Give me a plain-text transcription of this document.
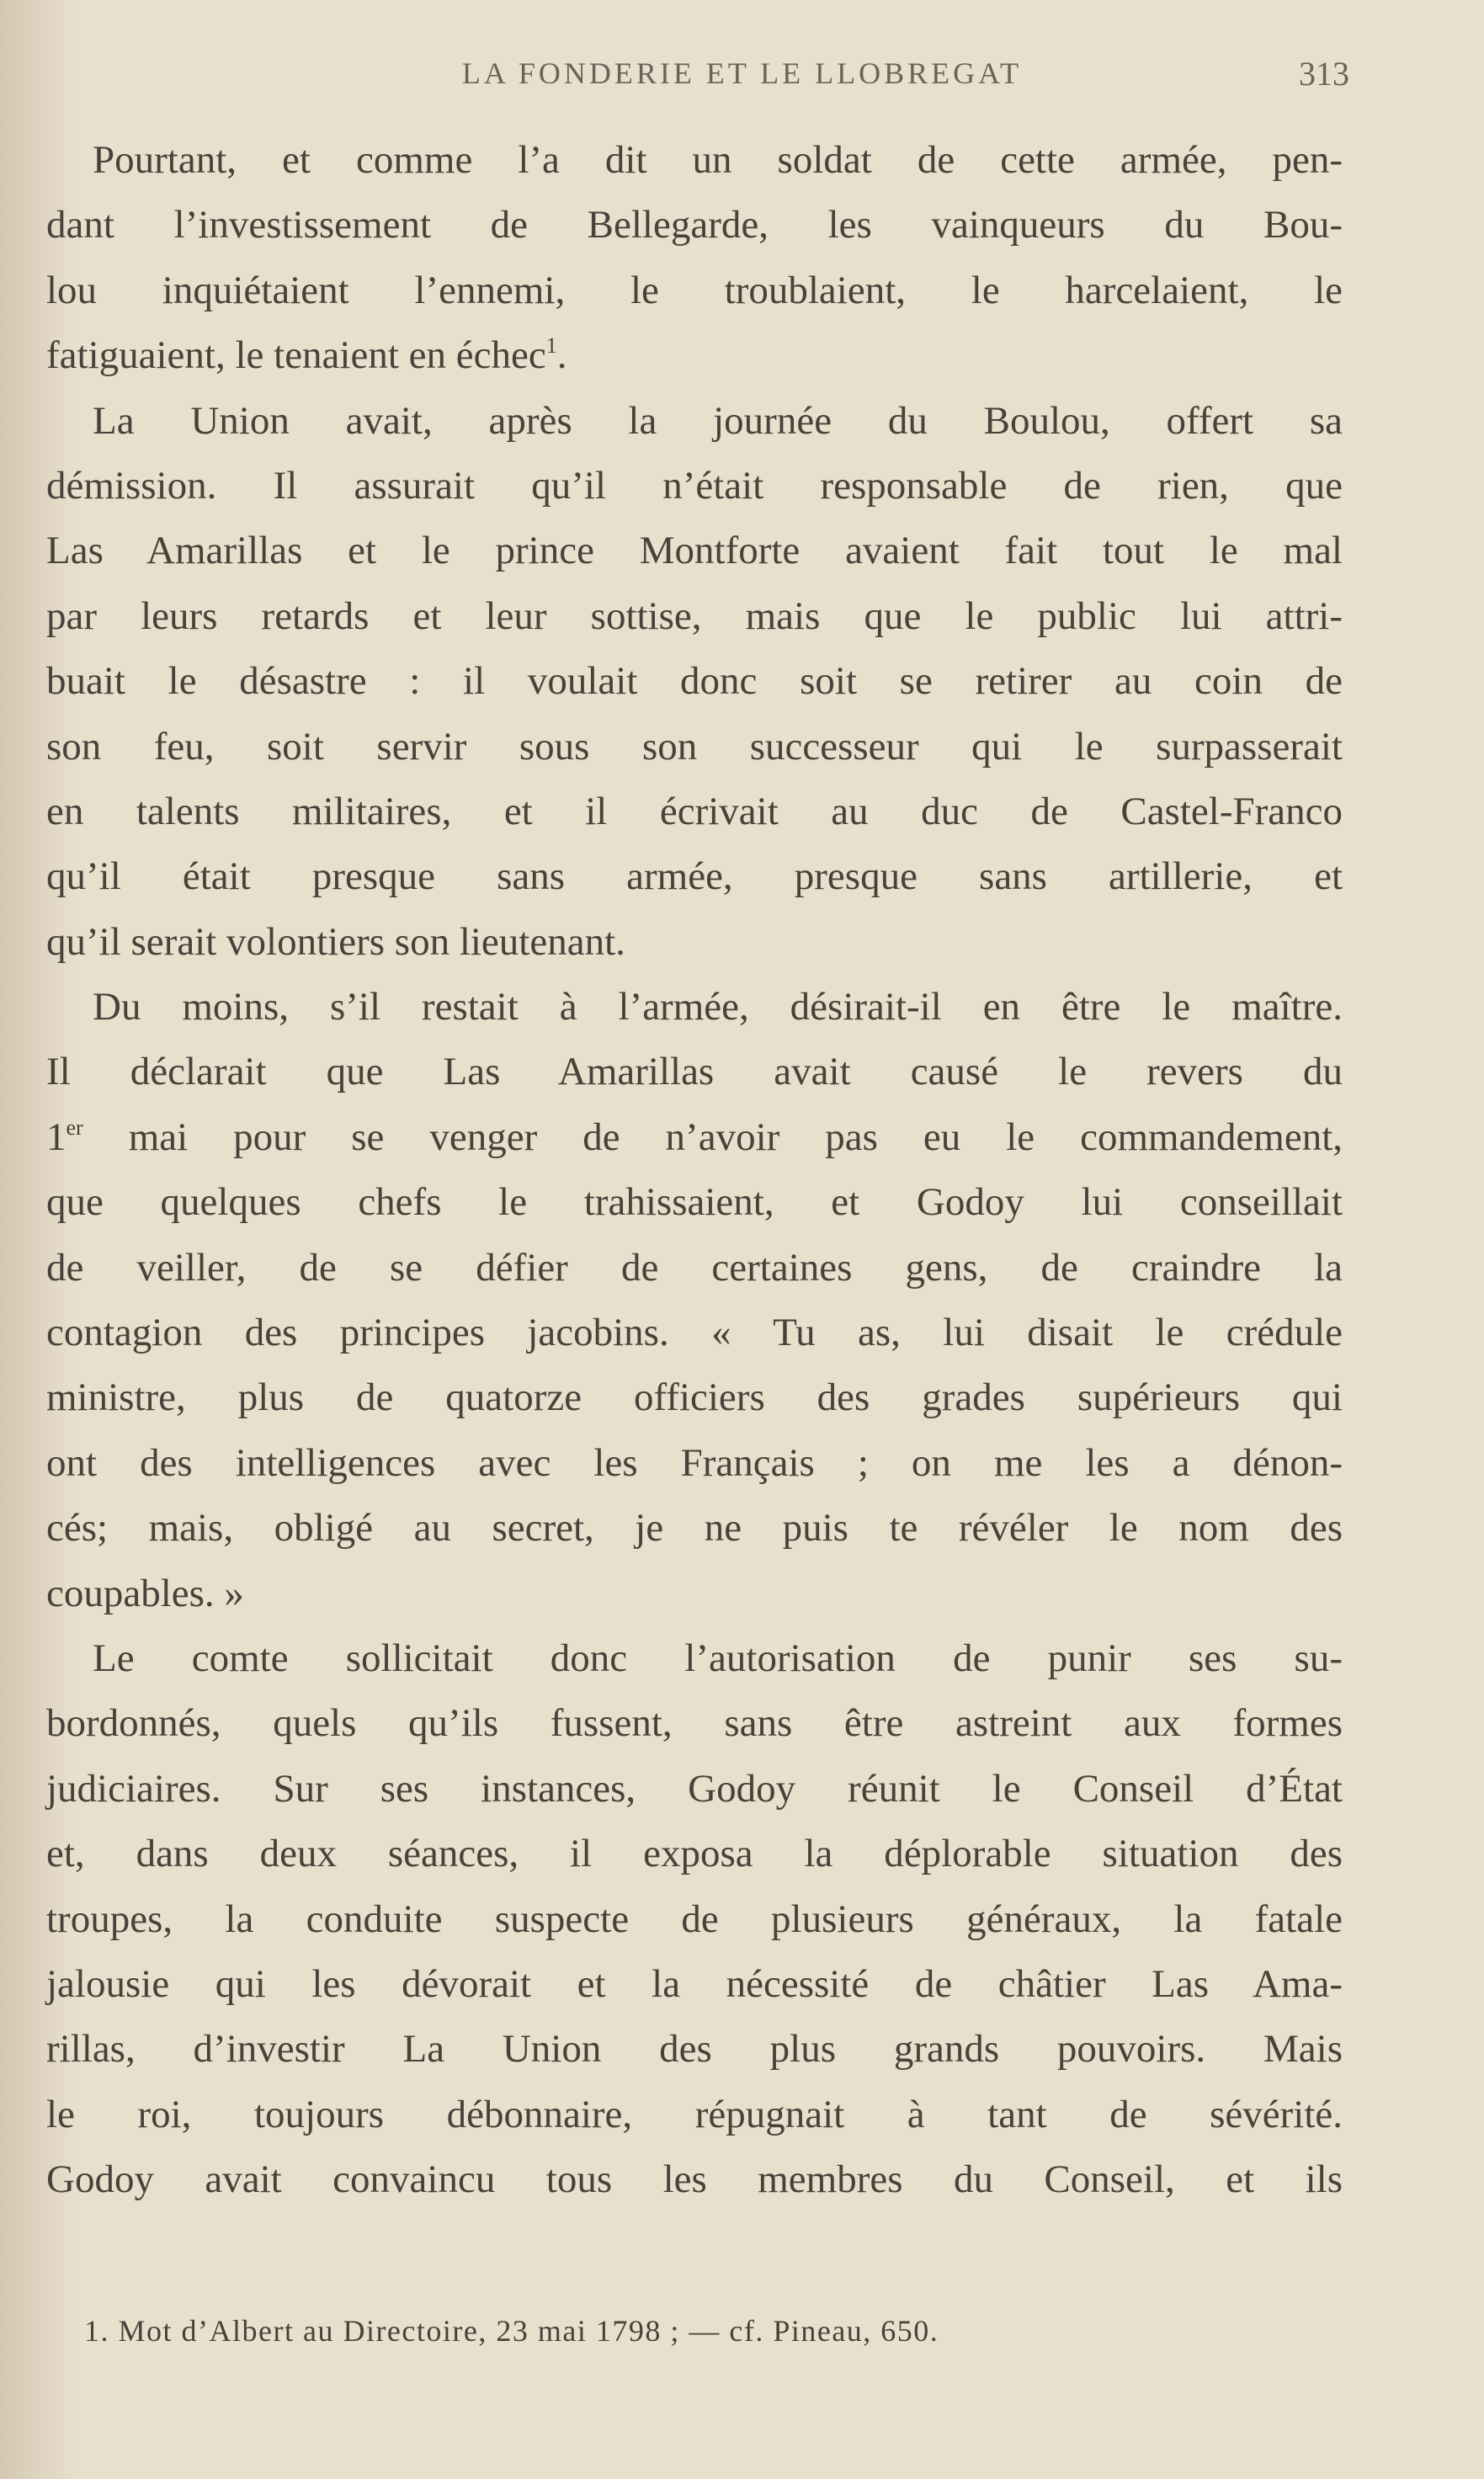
LA FONDERIE ET LE LLOBREGAT	313
Pourtant, et comme l’a dit un soldat de cette armée, pen-
dant l’investissement de Bellegarde, les vainqueurs du Bou-
lou inquiétaient l’ennemi, le troublaient, le harcelaient, le
fatiguaient, le tenaient en échec$^1$.
La Union avait, après la journée du Boulou, offert sa
démission. Il assurait qu’il n’était responsable de rien, que
Las Amarillas et le prince Montforte avaient fait tout le mal
par leurs retards et leur sottise, mais que le public lui attri-
buait le désastre : il voulait donc soit se retirer au coin de
son feu, soit servir sous son successeur qui le surpasserait
en talents militaires, et il écrivait au duc de Castel-Franco
qu’il était presque sans armée, presque sans artillerie, et
qu’il serait volontiers son lieutenant.
Du moins, s’il restait à l’armée, désirait-il en être le maître.
Il déclarait que Las Amarillas avait causé le revers du
1er mai pour se venger de n’avoir pas eu le commandement,
que quelques chefs le trahissaient, et Godoy lui conseillait
de veiller, de se défier de certaines gens, de craindre la
contagion des principes jacobins. « Tu as, lui disait le crédule
ministre, plus de quatorze officiers des grades supérieurs qui
ont des intelligences avec les Français ; on me les a dénon-
cés; mais, obligé au secret, je ne puis te révéler le nom des
coupables. »
Le comte sollicitait donc l’autorisation de punir ses su-
bordonnés, quels qu’ils fussent, sans être astreint aux formes
judiciaires. Sur ses instances, Godoy réunit le Conseil d’État
et, dans deux séances, il exposa la déplorable situation des
troupes, la conduite suspecte de plusieurs généraux, la fatale
jalousie qui les dévorait et la nécessité de châtier Las Ama-
rillas, d’investir La Union des plus grands pouvoirs. Mais
le roi, toujours débonnaire, répugnait à tant de sévérité.
Godoy avait convaincu tous les membres du Conseil, et ils
1. Mot d’Albert au Directoire, 23 mai 1798 ; — cf. Pineau, 650.
